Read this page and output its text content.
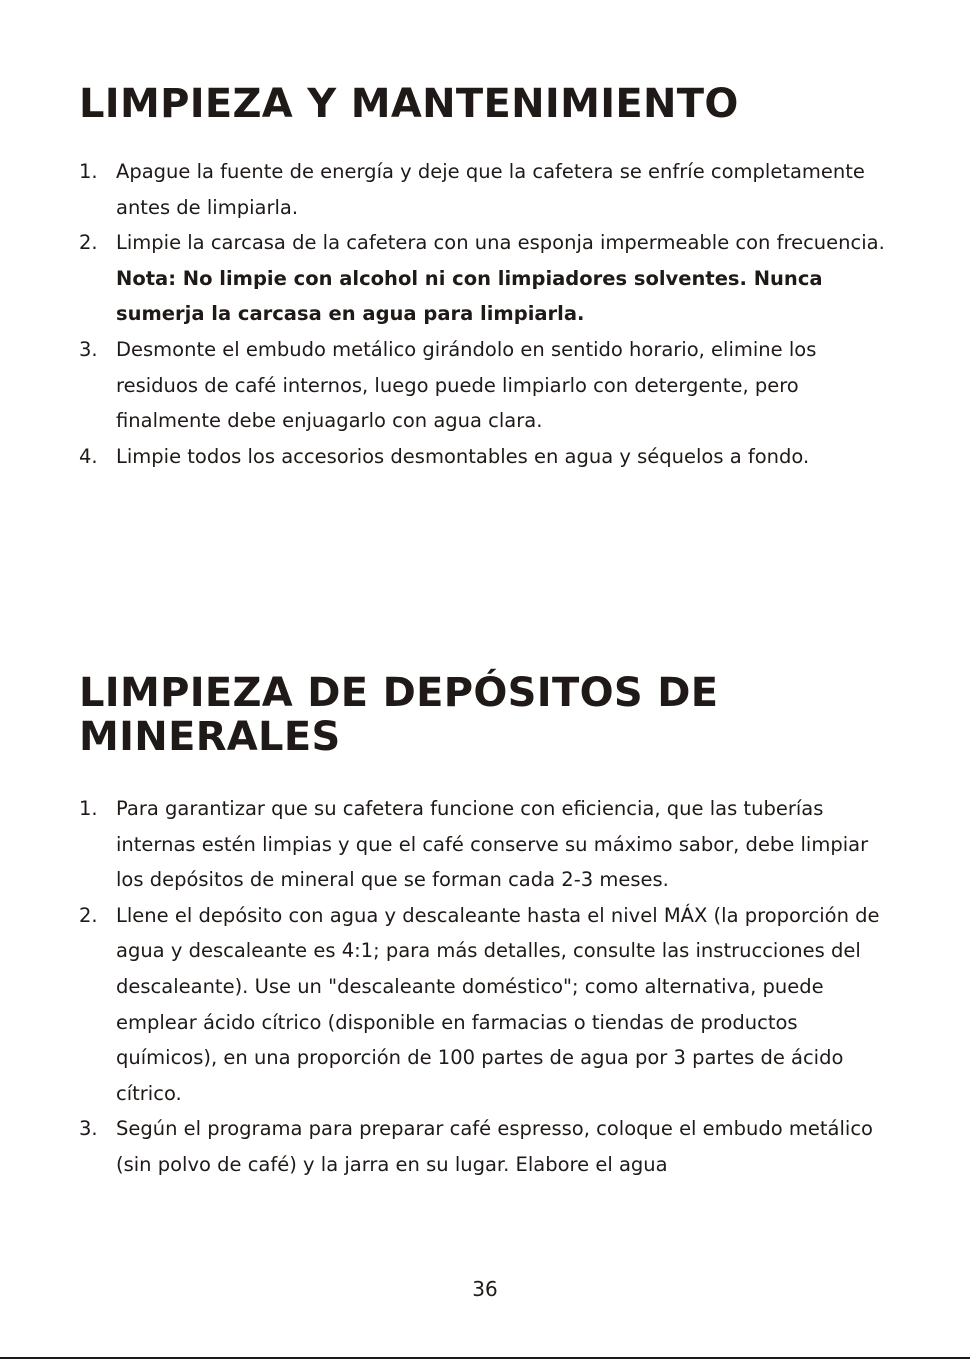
LIMPIEZA Y MANTENIMIENTO
1. Apague la fuente de energía y deje que la cafetera se enfríe completamente antes de limpiarla.
2. Limpie la carcasa de la cafetera con una esponja impermeable con frecuencia.
Nota: No limpie con alcohol ni con limpiadores solventes. Nunca sumerja la carcasa en agua para limpiarla.
3. Desmonte el embudo metálico girándolo en sentido horario, elimine los residuos de café internos, luego puede limpiarlo con detergente, pero finalmente debe enjuagarlo con agua clara.
4. Limpie todos los accesorios desmontables en agua y séquelos a fondo.
LIMPIEZA DE DEPÓSITOS DE MINERALES
1. Para garantizar que su cafetera funcione con eficiencia, que las tuberías internas estén limpias y que el café conserve su máximo sabor, debe limpiar los depósitos de mineral que se forman cada 2-3 meses.
2. Llene el depósito con agua y descaleante hasta el nivel MÁX (la proporción de agua y descaleante es 4:1; para más detalles, consulte las instrucciones del descaleante). Use un "descaleante doméstico"; como alternativa, puede emplear ácido cítrico (disponible en farmacias o tiendas de productos químicos), en una proporción de 100 partes de agua por 3 partes de ácido cítrico.
3. Según el programa para preparar café espresso, coloque el embudo metálico (sin polvo de café) y la jarra en su lugar. Elabore el agua
36
